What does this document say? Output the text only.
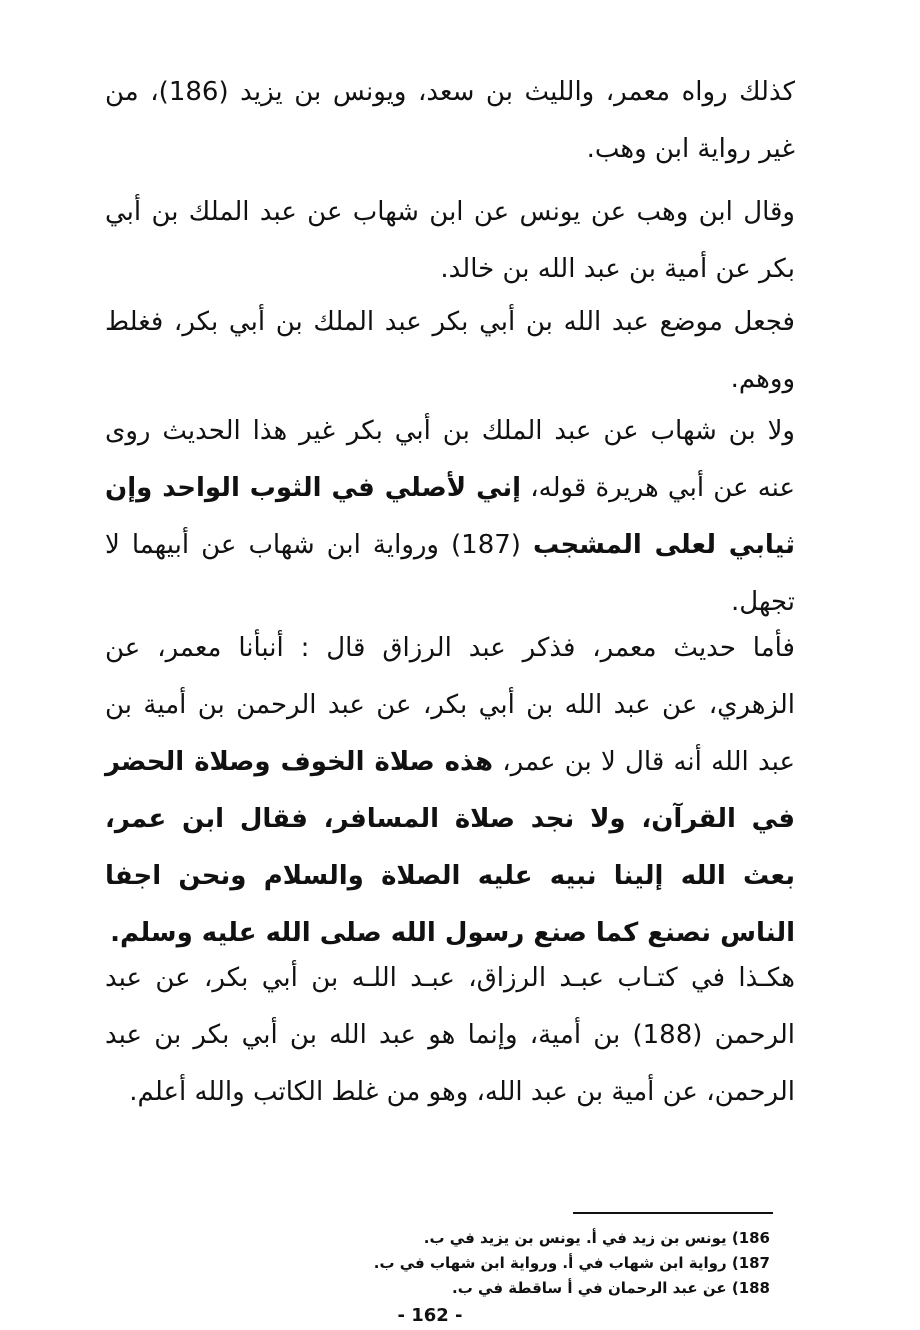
كذلك رواه معمر، والليث بن سعد، ويونس بن يزيد (186)، من غير رواية ابن وهب.

وقال ابن وهب عن يونس عن ابن شهاب عن عبد الملك بن أبي بكر عن أمية بن عبد الله بن خالد.

فجعل موضع عبد الله بن أبي بكر عبد الملك بن أبي بكر، فغلط ووهم.

ولا بن شهاب عن عبد الملك بن أبي بكر غير هذا الحديث روى عنه عن أبي هريرة قوله، إني لأصلي في الثوب الواحد وإن ثيابي لعلى المشجب (187) ورواية ابن شهاب عن أبيهما لا تجهل.

فأما حديث معمر، فذكر عبد الرزاق قال : أنبأنا معمر، عن الزهري، عن عبد الله بن أبي بكر، عن عبد الرحمن بن أمية بن عبد الله أنه قال لا بن عمر، هذه صلاة الخوف وصلاة الحضر في القرآن، ولا نجد صلاة المسافر، فقال ابن عمر، بعث الله إلينا نبيه عليه الصلاة والسلام ونحن اجفا الناس نصنع كما صنع رسول الله صلى الله عليه وسلم.

هكـذا في كتـاب عبـد الرزاق، عبـد اللـه بن أبي بكر، عن عبد الرحمن (188) بن أمية، وإنما هو عبد الله بن أبي بكر بن عبد الرحمن، عن أمية بن عبد الله، وهو من غلط الكاتب والله أعلم.

186) يونس بن زيد في أ. يونس بن يزيد في ب.
187) رواية ابن شهاب في أ. ورواية ابن شهاب في ب.
188) عن عبد الرحمان في أ ساقطة في ب.
- 162 -
